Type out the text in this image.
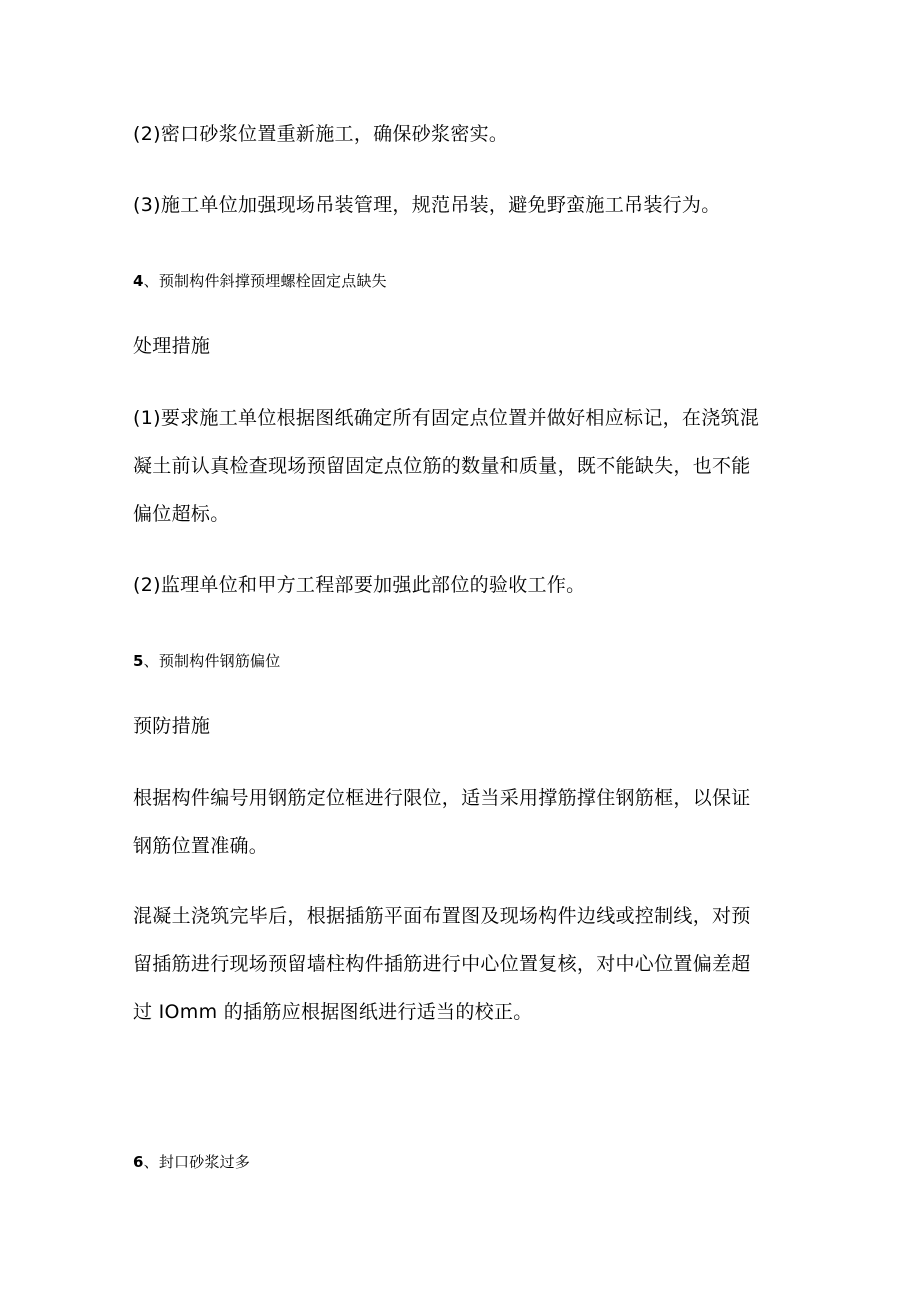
(2)密口砂浆位置重新施工，确保砂浆密实。

(3)施工单位加强现场吊装管理，规范吊装，避免野蛮施工吊装行为。

4、预制构件斜撑预埋螺栓固定点缺失

处理措施

(1)要求施工单位根据图纸确定所有固定点位置并做好相应标记，在浇筑混
凝土前认真检查现场预留固定点位筋的数量和质量，既不能缺失，也不能
偏位超标。

(2)监理单位和甲方工程部要加强此部位的验收工作。

5、预制构件钢筋偏位

预防措施

根据构件编号用钢筋定位框进行限位，适当采用撑筋撑住钢筋框，以保证
钢筋位置准确。

混凝土浇筑完毕后，根据插筋平面布置图及现场构件边线或控制线，对预
留插筋进行现场预留墙柱构件插筋进行中心位置复核，对中心位置偏差超
过 IOmm 的插筋应根据图纸进行适当的校正。

6、封口砂浆过多
